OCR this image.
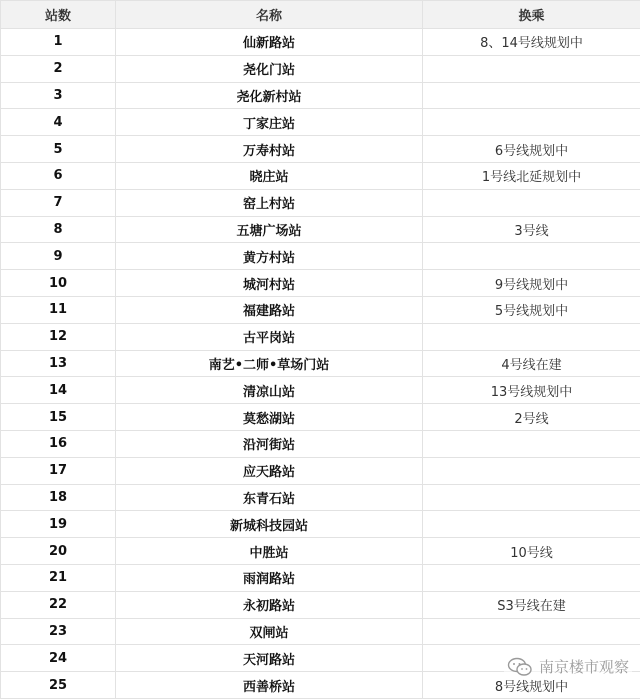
站数	名称	换乘
1	仙新路站	8、14号线规划中
2	尧化门站	
3	尧化新村站	
4	丁家庄站	
5	万寿村站	6号线规划中
6	晓庄站	1号线北延规划中
7	窑上村站	
8	五塘广场站	3号线
9	黄方村站	
10	城河村站	9号线规划中
11	福建路站	5号线规划中
12	古平岗站	
13	南艺•二师•草场门站	4号线在建
14	清凉山站	13号线规划中
15	莫愁湖站	2号线
16	沿河街站	
17	应天路站	
18	东青石站	
19	新城科技园站	
20	中胜站	10号线
21	雨润路站	
22	永初路站	S3号线在建
23	双闸站	
24	天河路站	
25	西善桥站	8号线规划中
南京楼市观察
